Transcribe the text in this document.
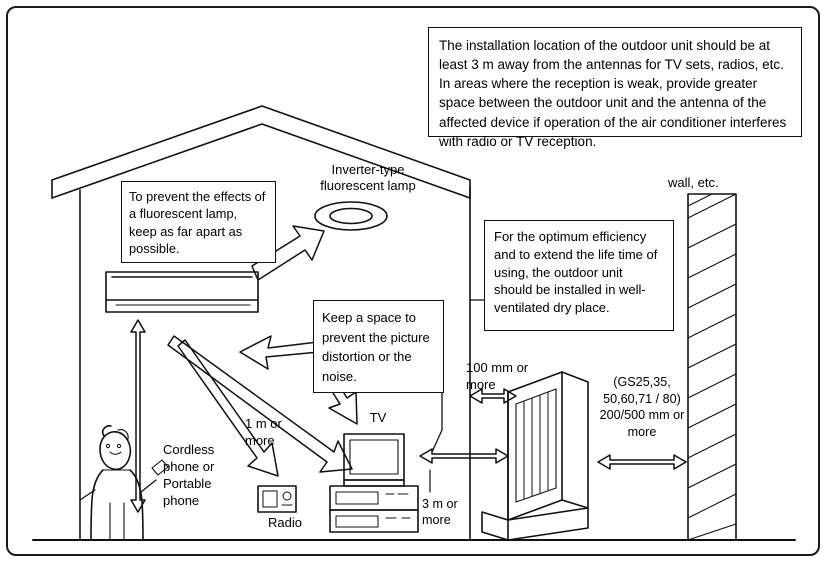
The installation location of the outdoor unit should be at least 3 m away from the antennas for TV sets, radios, etc. In areas where the reception is weak, provide greater space between the outdoor unit and the antenna of the affected device if operation of the air conditioner interferes with radio or TV reception.
To prevent the effects of a fluorescent lamp, keep as far apart as possible.
Keep a space to prevent the picture distortion or the noise.
For the optimum efficiency and to extend the life time of using, the outdoor unit should be installed in well-ventilated dry place.
Inverter-type fluorescent lamp	wall, etc.
100 mm or more	(GS25,35, 50,60,71 / 80) 200/500 mm or more
1 m or more
TV
3 m or more
Cordless phone or Portable phone
Radio
